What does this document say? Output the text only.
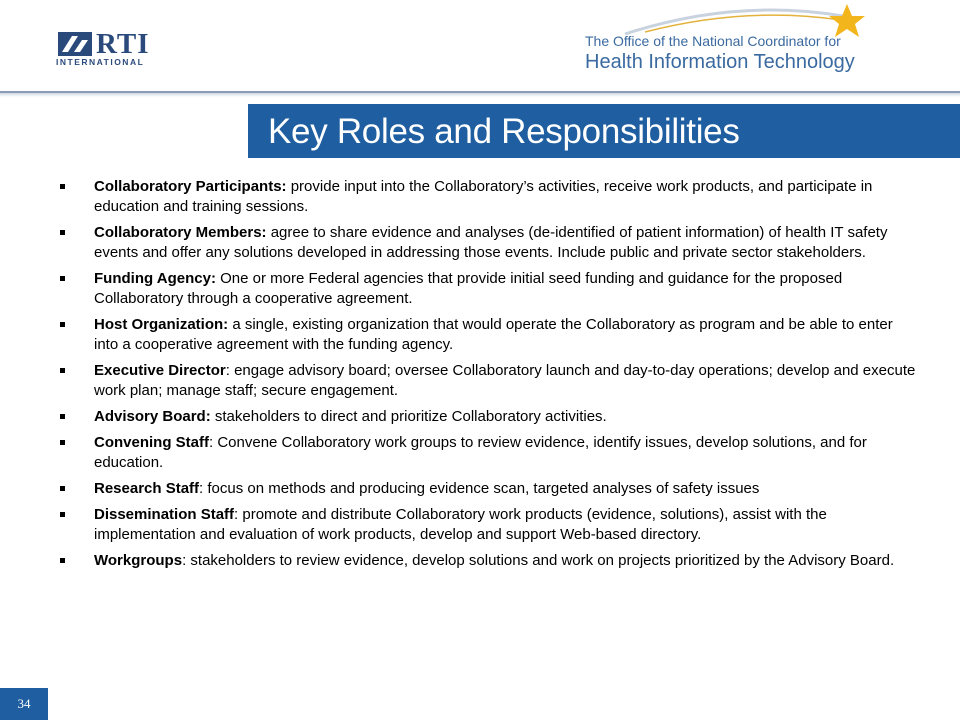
RTI
INTERNATIONAL
The Office of the National Coordinator for
Health Information Technology
Key Roles and Responsibilities
Collaboratory Participants: provide input into the Collaboratory’s activities, receive work products, and participate in education and training sessions.
Collaboratory Members: agree to share evidence and analyses (de-identified of patient information) of health IT safety events and offer any solutions developed in addressing those events. Include public and private sector stakeholders.
Funding Agency: One or more Federal agencies that provide initial seed funding and guidance for the proposed Collaboratory through a cooperative agreement.
Host Organization: a single, existing organization that would operate the Collaboratory as program and be able to enter into a cooperative agreement with the funding agency.
Executive Director: engage advisory board; oversee Collaboratory launch and day-to-day operations; develop and execute work plan; manage staff; secure engagement.
Advisory Board: stakeholders to direct and prioritize Collaboratory activities.
Convening Staff: Convene Collaboratory work groups to review evidence, identify issues, develop solutions, and for education.
Research Staff: focus on methods and producing evidence scan, targeted analyses of safety issues
Dissemination Staff: promote and distribute Collaboratory work products (evidence, solutions), assist with the implementation and evaluation of work products, develop and support Web-based directory.
Workgroups: stakeholders to review evidence, develop solutions and work on projects prioritized by the Advisory Board.
34
